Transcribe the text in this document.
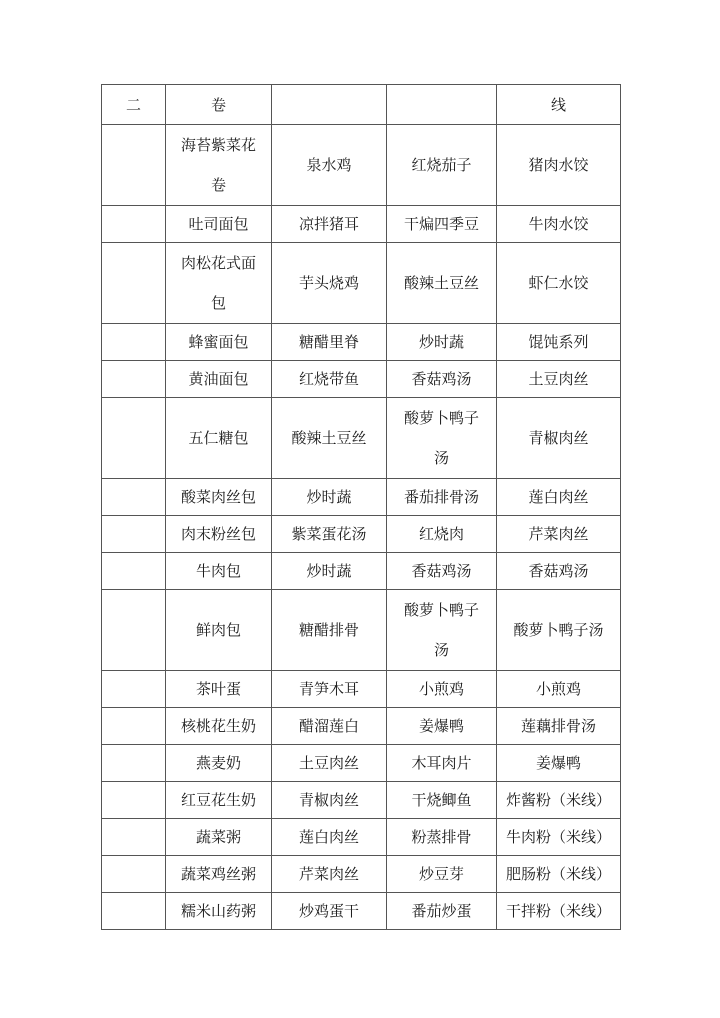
二	卷			线
	海苔紫菜花卷	泉水鸡	红烧茄子	猪肉水饺
	吐司面包	凉拌猪耳	干煸四季豆	牛肉水饺
	肉松花式面包	芋头烧鸡	酸辣土豆丝	虾仁水饺
	蜂蜜面包	糖醋里脊	炒时蔬	馄饨系列
	黄油面包	红烧带鱼	香菇鸡汤	土豆肉丝
	五仁糖包	酸辣土豆丝	酸萝卜鸭子汤	青椒肉丝
	酸菜肉丝包	炒时蔬	番茄排骨汤	莲白肉丝
	肉末粉丝包	紫菜蛋花汤	红烧肉	芹菜肉丝
	牛肉包	炒时蔬	香菇鸡汤	香菇鸡汤
	鲜肉包	糖醋排骨	酸萝卜鸭子汤	酸萝卜鸭子汤
	茶叶蛋	青笋木耳	小煎鸡	小煎鸡
	核桃花生奶	醋溜莲白	姜爆鸭	莲藕排骨汤
	燕麦奶	土豆肉丝	木耳肉片	姜爆鸭
	红豆花生奶	青椒肉丝	干烧鲫鱼	炸酱粉（米线）
	蔬菜粥	莲白肉丝	粉蒸排骨	牛肉粉（米线）
	蔬菜鸡丝粥	芹菜肉丝	炒豆芽	肥肠粉（米线）
	糯米山药粥	炒鸡蛋干	番茄炒蛋	干拌粉（米线）
